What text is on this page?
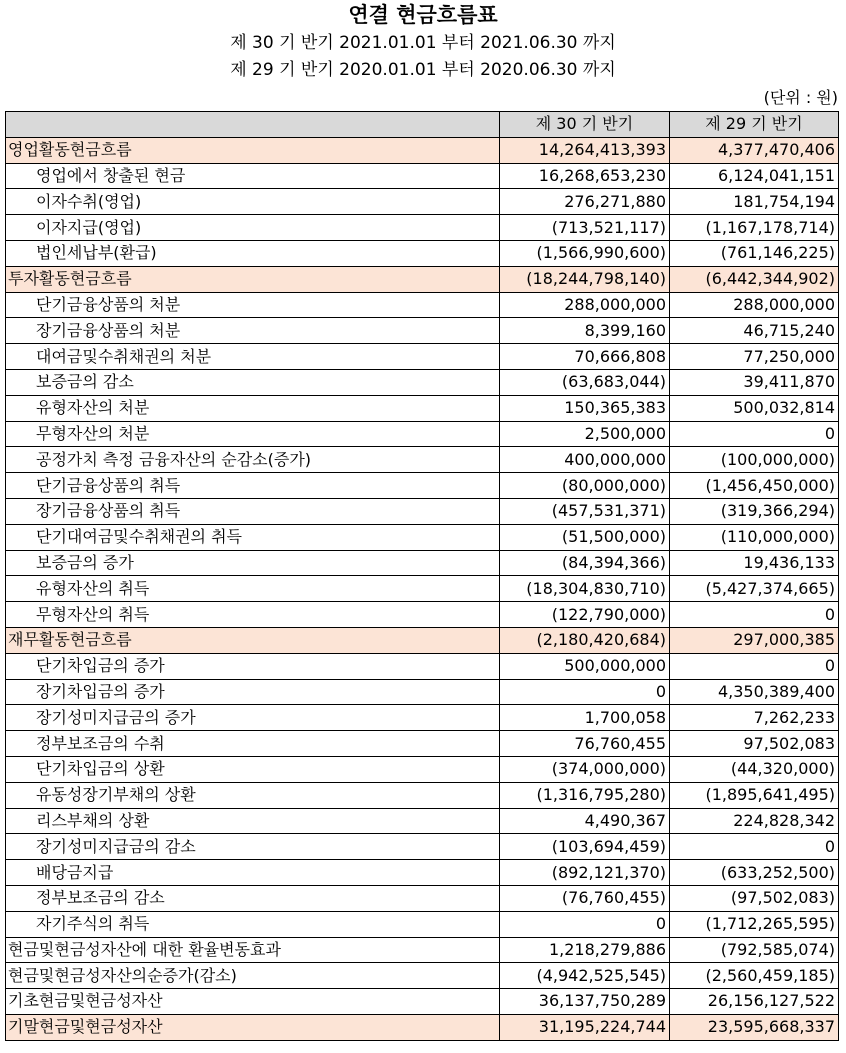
연결 현금흐름표
제 30 기 반기 2021.01.01 부터 2021.06.30 까지
제 29 기 반기 2020.01.01 부터 2020.06.30 까지
(단위 : 원)
	제 30 기 반기	제 29 기 반기
영업활동현금흐름	14,264,413,393	4,377,470,406
영업에서 창출된 현금	16,268,653,230	6,124,041,151
이자수취(영업)	276,271,880	181,754,194
이자지급(영업)	(713,521,117)	(1,167,178,714)
법인세납부(환급)	(1,566,990,600)	(761,146,225)
투자활동현금흐름	(18,244,798,140)	(6,442,344,902)
단기금융상품의 처분	288,000,000	288,000,000
장기금융상품의 처분	8,399,160	46,715,240
대여금및수취채권의 처분	70,666,808	77,250,000
보증금의 감소	(63,683,044)	39,411,870
유형자산의 처분	150,365,383	500,032,814
무형자산의 처분	2,500,000	0
공정가치 측정 금융자산의 순감소(증가)	400,000,000	(100,000,000)
단기금융상품의 취득	(80,000,000)	(1,456,450,000)
장기금융상품의 취득	(457,531,371)	(319,366,294)
단기대여금및수취채권의 취득	(51,500,000)	(110,000,000)
보증금의 증가	(84,394,366)	19,436,133
유형자산의 취득	(18,304,830,710)	(5,427,374,665)
무형자산의 취득	(122,790,000)	0
재무활동현금흐름	(2,180,420,684)	297,000,385
단기차입금의 증가	500,000,000	0
장기차입금의 증가	0	4,350,389,400
장기성미지급금의 증가	1,700,058	7,262,233
정부보조금의 수취	76,760,455	97,502,083
단기차입금의 상환	(374,000,000)	(44,320,000)
유동성장기부채의 상환	(1,316,795,280)	(1,895,641,495)
리스부채의 상환	4,490,367	224,828,342
장기성미지급금의 감소	(103,694,459)	0
배당금지급	(892,121,370)	(633,252,500)
정부보조금의 감소	(76,760,455)	(97,502,083)
자기주식의 취득	0	(1,712,265,595)
현금및현금성자산에 대한 환율변동효과	1,218,279,886	(792,585,074)
현금및현금성자산의순증가(감소)	(4,942,525,545)	(2,560,459,185)
기초현금및현금성자산	36,137,750,289	26,156,127,522
기말현금및현금성자산	31,195,224,744	23,595,668,337
